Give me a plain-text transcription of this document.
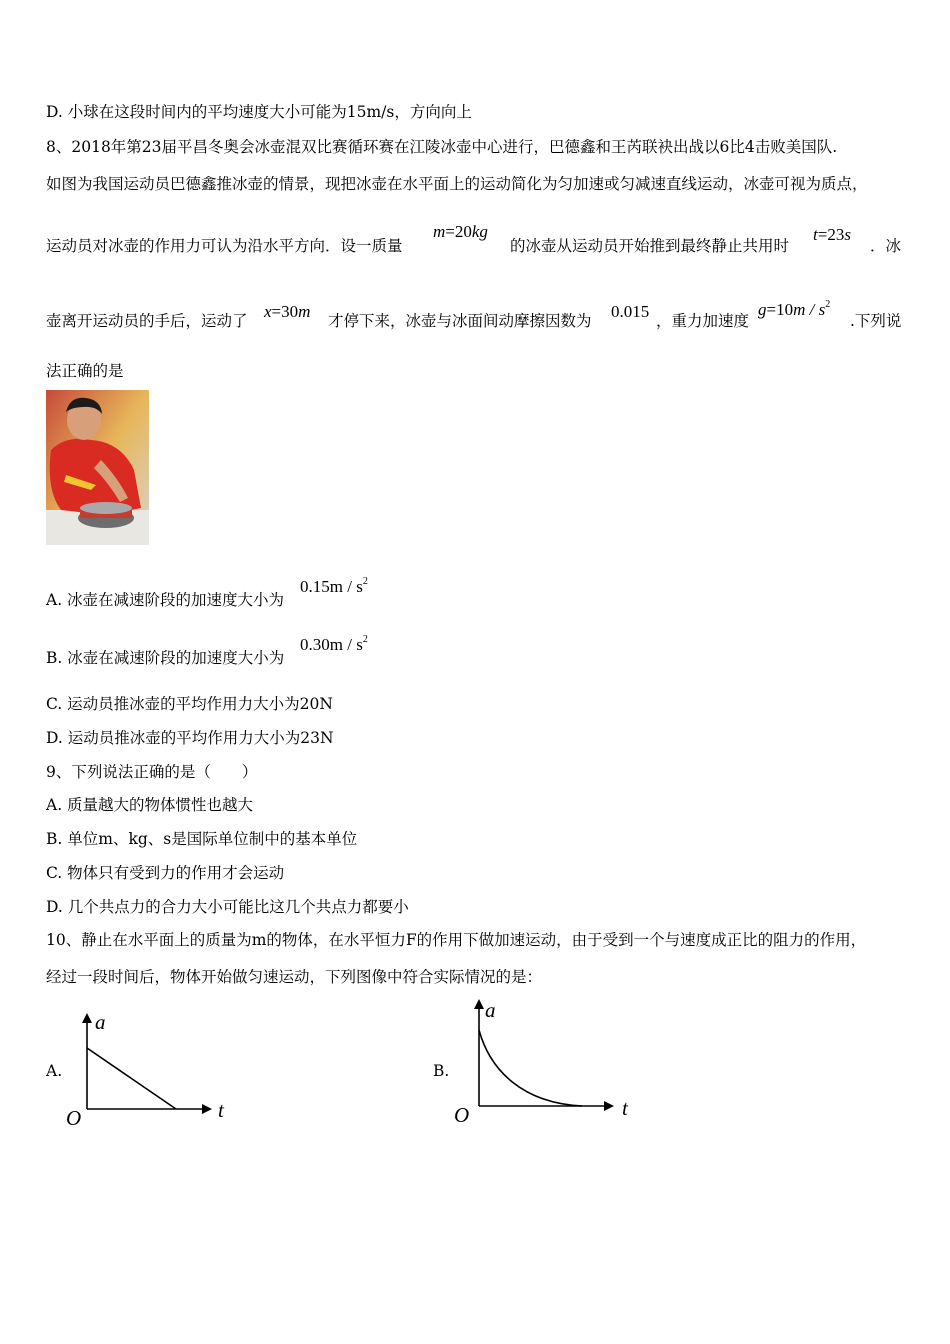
D. 小球在这段时间内的平均速度大小可能为15m/s，方向向上
8、2018年第23届平昌冬奥会冰壶混双比赛循环赛在江陵冰壶中心进行，巴德鑫和王芮联袂出战以6比4击败美国队.
如图为我国运动员巴德鑫推冰壶的情景，现把冰壶在水平面上的运动简化为匀加速或匀减速直线运动，冰壶可视为质点，
运动员对冰壶的作用力可认为沿水平方向．设一质量
m=20kg
的冰壶从运动员开始推到最终静止共用时
t=23s
．冰
壶离开运动员的手后，运动了 x=30m 才停下来，冰壶与冰面间动摩擦因数为 0.015 ，重力加速度
$g=10m / s^2$
.下列说
法正确的是
A. 冰壶在减速阶段的加速度大小为
$0.15m / s^2$
B. 冰壶在减速阶段的加速度大小为
$0.30m / s^2$
C. 运动员推冰壶的平均作用力大小为20N
D. 运动员推冰壶的平均作用力大小为23N
9、下列说法正确的是（　　）
A. 质量越大的物体惯性也越大
B. 单位m、kg、s是国际单位制中的基本单位
C. 物体只有受到力的作用才会运动
D. 几个共点力的合力大小可能比这几个共点力都要小
10、静止在水平面上的质量为m的物体，在水平恒力F的作用下做加速运动，由于受到一个与速度成正比的阻力的作用，
经过一段时间后，物体开始做匀速运动，下列图像中符合实际情况的是：
A.
a
t
O
B.
a
t
O
